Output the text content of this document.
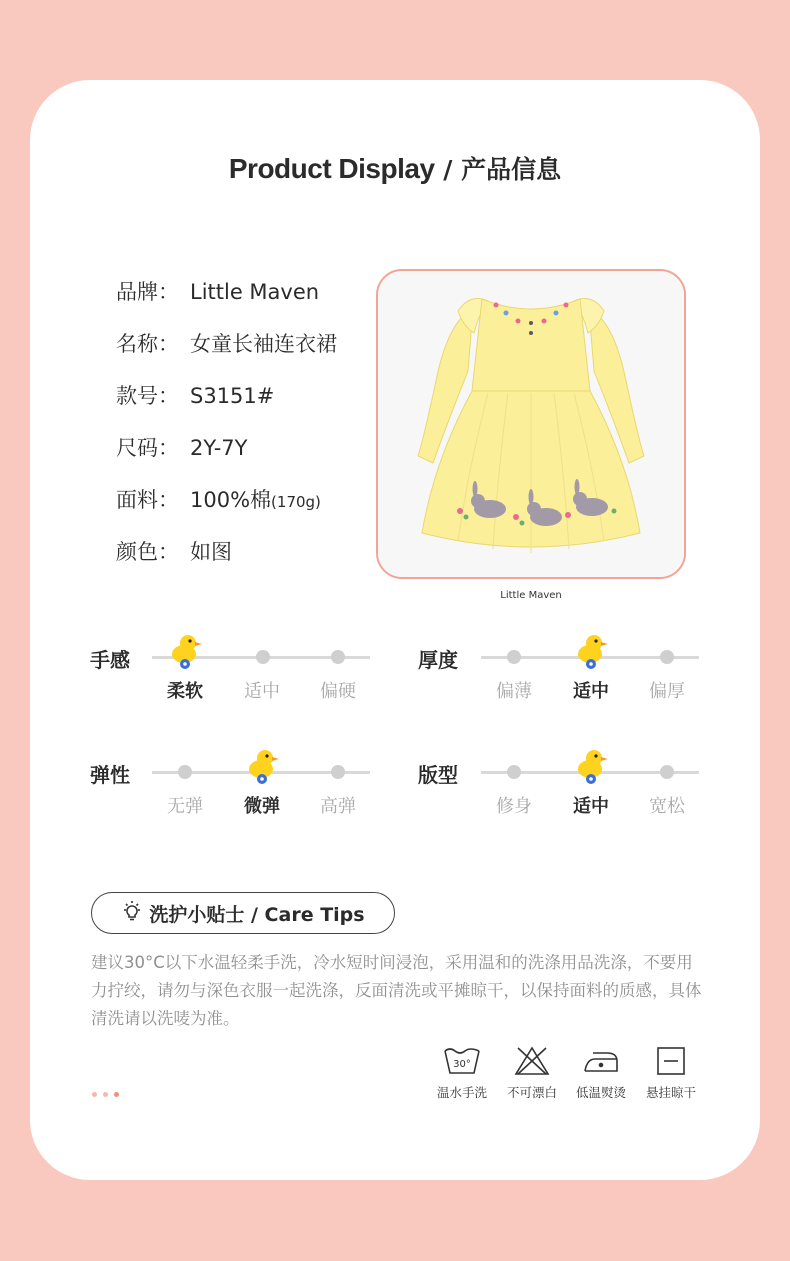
Product Display / 产品信息
品牌： Little Maven
名称： 女童长袖连衣裙
款号： S3151#
尺码： 2Y-7Y
面料： 100%棉(170g)
颜色： 如图
Little Maven
手感
柔软	适中	偏硬
厚度
偏薄	适中	偏厚
弹性
无弹	微弹	高弹
版型
修身	适中	宽松
洗护小贴士 / Care Tips
建议30°C以下水温轻柔手洗，冷水短时间浸泡，采用温和的洗涤用品洗涤，不要用力拧绞，请勿与深色衣服一起洗涤，反面清洗或平摊晾干，以保持面料的质感，具体清洗请以洗唛为准。
30°
温水手洗	不可漂白	低温熨烫	悬挂晾干
